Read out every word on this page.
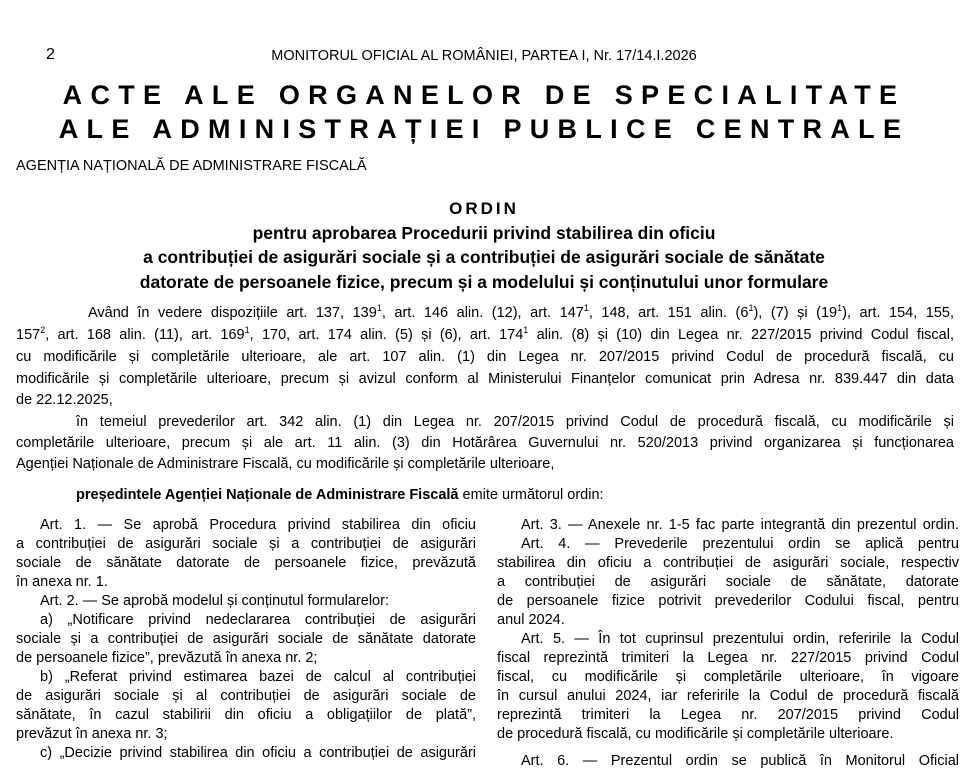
2	MONITORUL OFICIAL AL ROMÂNIEI, PARTEA I, Nr. 17/14.I.2026
ACTE ALE ORGANELOR DE SPECIALITATE
ALE ADMINISTRAȚIEI PUBLICE CENTRALE
AGENȚIA NAȚIONALĂ DE ADMINISTRARE FISCALĂ
ORDIN
pentru aprobarea Procedurii privind stabilirea din oficiu
a contribuției de asigurări sociale și a contribuției de asigurări sociale de sănătate
datorate de persoanele fizice, precum și a modelului și conținutului unor formulare
Având în vedere dispozițiile art. 137, $139^1$, art. 146 alin. (12), art. $147^1$, 148, art. 151 alin. $(6^1)$, (7) și $(19^1)$, art. 154, 155,
$157^2$, art. 168 alin. (11), art. $169^1$, 170, art. 174 alin. (5) și (6), art. $174^1$ alin. (8) și (10) din Legea nr. 227/2015 privind Codul fiscal,
cu modificările și completările ulterioare, ale art. 107 alin. (1) din Legea nr. 207/2015 privind Codul de procedură fiscală, cu
modificările și completările ulterioare, precum și avizul conform al Ministerului Finanțelor comunicat prin Adresa nr. 839.447 din data
de 22.12.2025,
în temeiul prevederilor art. 342 alin. (1) din Legea nr. 207/2015 privind Codul de procedură fiscală, cu modificările și
completările ulterioare, precum și ale art. 11 alin. (3) din Hotărârea Guvernului nr. 520/2013 privind organizarea și funcționarea
Agenției Naționale de Administrare Fiscală, cu modificările și completările ulterioare,
președintele Agenției Naționale de Administrare Fiscală emite următorul ordin:
Art. 1. — Se aprobă Procedura privind stabilirea din oficiu
a contribuției de asigurări sociale și a contribuției de asigurări
sociale de sănătate datorate de persoanele fizice, prevăzută
în anexa nr. 1.
Art. 2. — Se aprobă modelul și conținutul formularelor:
a) „Notificare privind nedeclararea contribuției de asigurări
sociale și a contribuției de asigurări sociale de sănătate datorate
de persoanele fizice”, prevăzută în anexa nr. 2;
b) „Referat privind estimarea bazei de calcul al contribuției
de asigurări sociale și al contribuției de asigurări sociale de
sănătate, în cazul stabilirii din oficiu a obligațiilor de plată”,
prevăzut în anexa nr. 3;
c) „Decizie privind stabilirea din oficiu a contribuției de asigurări
Art. 3. — Anexele nr. 1-5 fac parte integrantă din prezentul ordin.
Art. 4. — Prevederile prezentului ordin se aplică pentru
stabilirea din oficiu a contribuției de asigurări sociale, respectiv
a contribuției de asigurări sociale de sănătate, datorate
de persoanele fizice potrivit prevederilor Codului fiscal, pentru
anul 2024.
Art. 5. — În tot cuprinsul prezentului ordin, referirile la Codul
fiscal reprezintă trimiteri la Legea nr. 227/2015 privind Codul
fiscal, cu modificările și completările ulterioare, în vigoare
în cursul anului 2024, iar referirile la Codul de procedură fiscală
reprezintă trimiteri la Legea nr. 207/2015 privind Codul
de procedură fiscală, cu modificările și completările ulterioare.
Art. 6. — Prezentul ordin se publică în Monitorul Oficial
